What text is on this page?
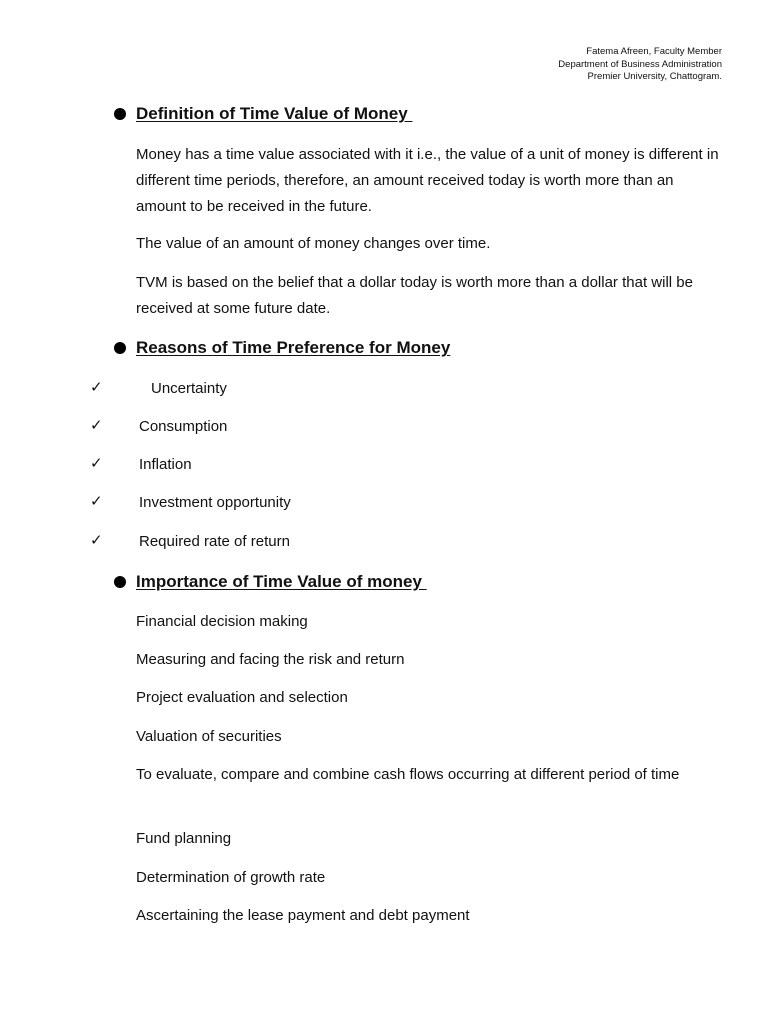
Fatema Afreen, Faculty Member
Department of Business Administration
Premier University, Chattogram.
Definition of Time Value of Money
Money has a time value associated with it i.e., the value of a unit of money is different in different time periods, therefore, an amount received today is worth more than an amount to be received in the future.
The value of an amount of money changes over time.
TVM is based on the belief that a dollar today is worth more than a dollar that will be received at some future date.
Reasons of Time Preference for Money
✓	Uncertainty
✓ Consumption
✓ Inflation
✓ Investment opportunity
✓ Required rate of return
Importance of Time Value of money
Financial decision making
Measuring and facing the risk and return
Project evaluation and selection
Valuation of securities
To evaluate, compare and combine cash flows occurring at different period of time
Fund planning
Determination of growth rate
Ascertaining the lease payment and debt payment
